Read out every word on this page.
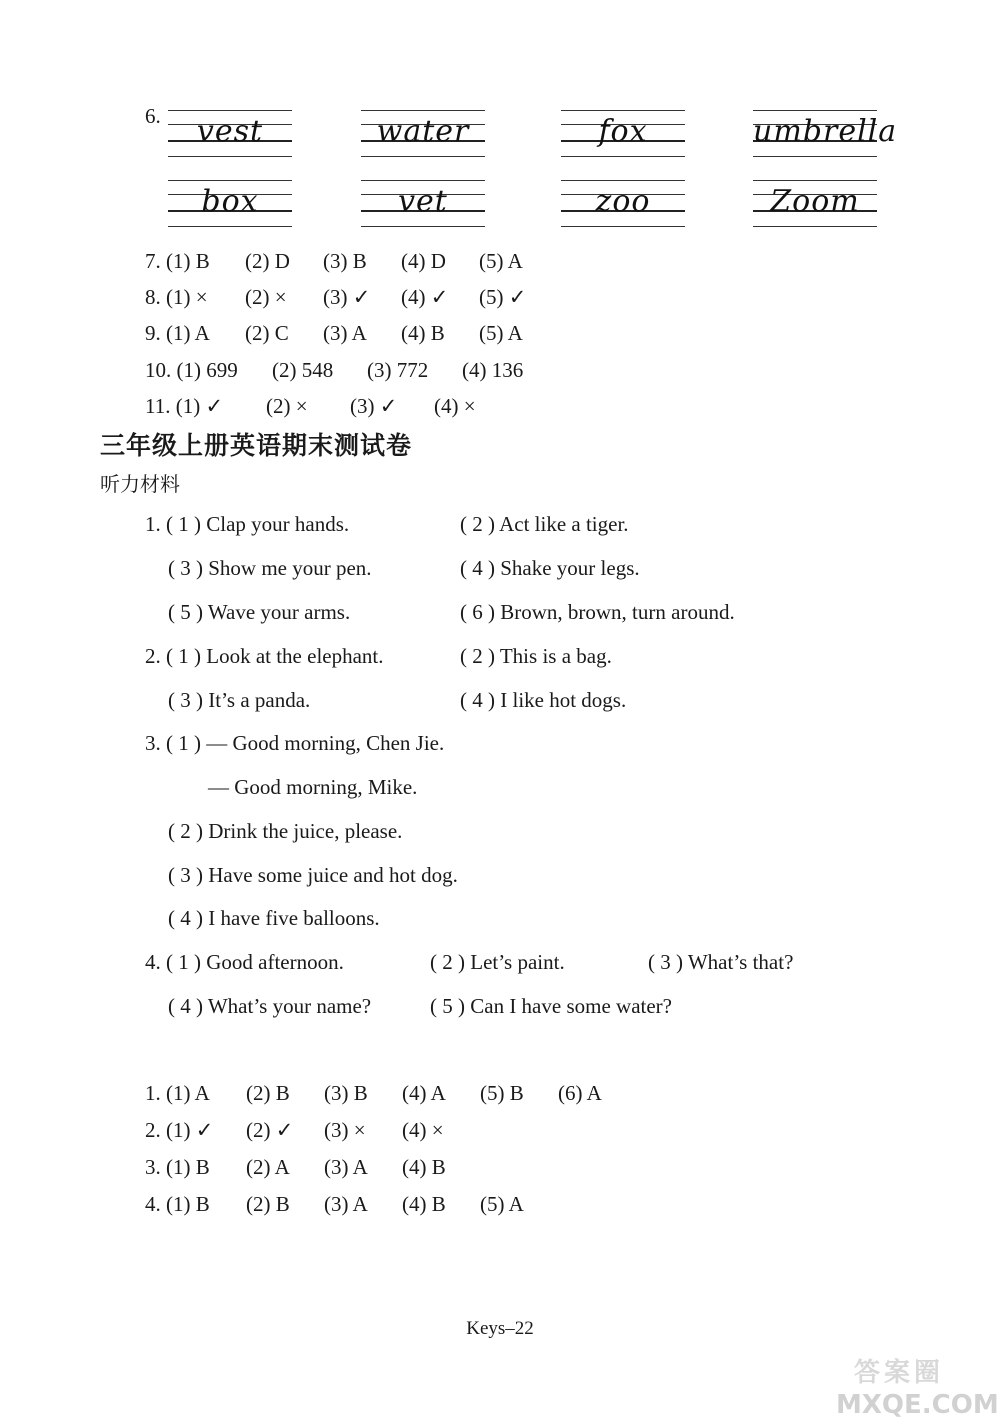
6.	vest	water	fox	umbrella
box	vet	zoo	Zoom
7. (1) B (2) D (3) B (4) D (5) A
8. (1) × (2) × (3) ✓ (4) ✓ (5) ✓
9. (1) A (2) C (3) A (4) B (5) A
10. (1) 699 (2) 548 (3) 772 (4) 136
11. (1) ✓ (2) × (3) ✓ (4) ×
三年级上册英语期末测试卷
听力材料
1. ( 1 ) Clap your hands.	( 2 ) Act like a tiger.
( 3 ) Show me your pen.	( 4 ) Shake your legs.
( 5 ) Wave your arms.	( 6 ) Brown, brown, turn around.
2. ( 1 ) Look at the elephant.	( 2 ) This is a bag.
( 3 ) It’s a panda.	( 4 ) I like hot dogs.
3. ( 1 ) — Good morning, Chen Jie.
— Good morning, Mike.
( 2 ) Drink the juice, please.
( 3 ) Have some juice and hot dog.
( 4 ) I have five balloons.
4. ( 1 ) Good afternoon.	( 2 ) Let’s paint.	( 3 ) What’s that?
( 4 ) What’s your name?	( 5 ) Can I have some water?
1. (1) A (2) B (3) B (4) A (5) B (6) A
2. (1) ✓ (2) ✓ (3) × (4) ×
3. (1) B (2) A (3) A (4) B
4. (1) B (2) B (3) A (4) B (5) A
Keys–22
答案圈
MXQE.COM
